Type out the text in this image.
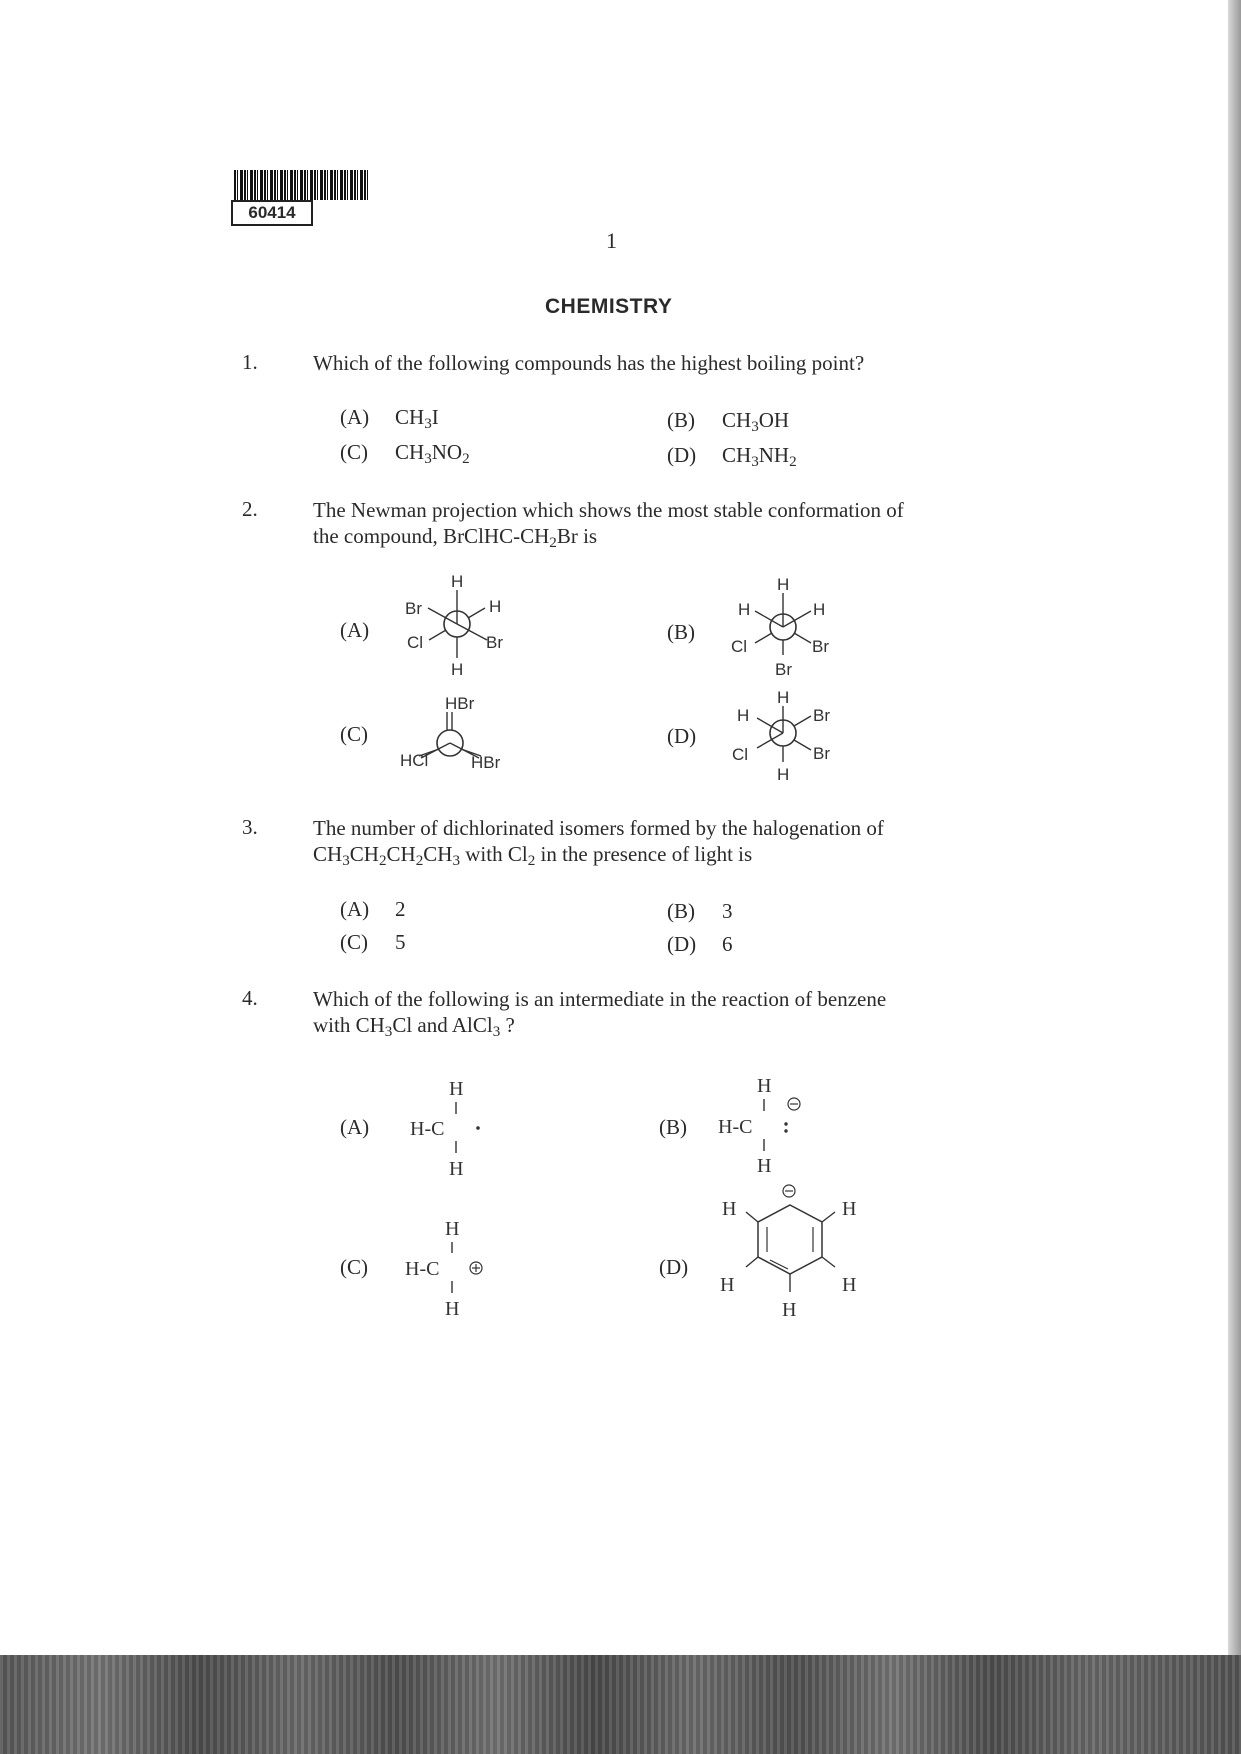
60414
1
CHEMISTRY
1.	Which of the following compounds has the highest boiling point?
(A) $CH_3I$	(B) $CH_3OH$
(C) $CH_3NO_2$	(D) $CH_3NH_2$
2.	The Newman projection which shows the most stable conformation of
the compound, BrClHC-$CH_2Br$ is
(A)	(B)
(C)	(D)
H
Br
Br
H
H
Cl
H
H	H
Cl	Br
Br
HBr
HCl	HBr
H
H
Cl
Br
Br
H
3.	The number of dichlorinated isomers formed by the halogenation of
$CH_3CH_2CH_2CH_3$ with $Cl_2$ in the presence of light is
(A) 2	(B) 3
(C) 5	(D) 6
4.	Which of the following is an intermediate in the reaction of benzene
with $CH_3Cl$ and AlCl$_3$ ?
(A)	(B)
(C)	(D)
H
H-C
H
H
H-C
H
H
H-C
H
H	H
H	H
H
